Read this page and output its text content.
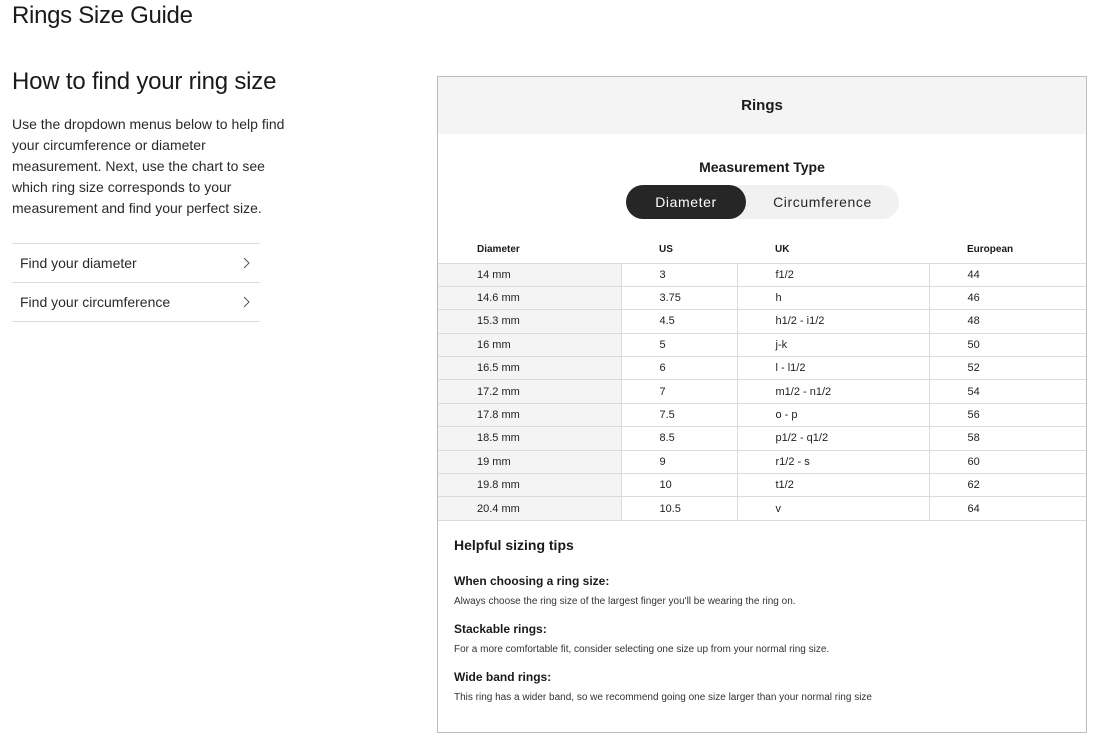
Rings Size Guide
How to find your ring size

Use the dropdown menus below to help find your circumference or diameter measurement. Next, use the chart to see which ring size corresponds to your measurement and find your perfect size.

Find your diameter
Find your circumference
Rings
Measurement Type
Diameter	Circumference
Diameter	US	UK	European
14 mm	3	f1/2	44
14.6 mm	3.75	h	46
15.3 mm	4.5	h1/2 - i1/2	48
16 mm	5	j-k	50
16.5 mm	6	l - l1/2	52
17.2 mm	7	m1/2 - n1/2	54
17.8 mm	7.5	o - p	56
18.5 mm	8.5	p1/2 - q1/2	58
19 mm	9	r1/2 - s	60
19.8 mm	10	t1/2	62
20.4 mm	10.5	v	64
Helpful sizing tips
When choosing a ring size:

Always choose the ring size of the largest finger you'll be wearing the ring on.

Stackable rings:

For a more comfortable fit, consider selecting one size up from your normal ring size.

Wide band rings:

This ring has a wider band, so we recommend going one size larger than your normal ring size
